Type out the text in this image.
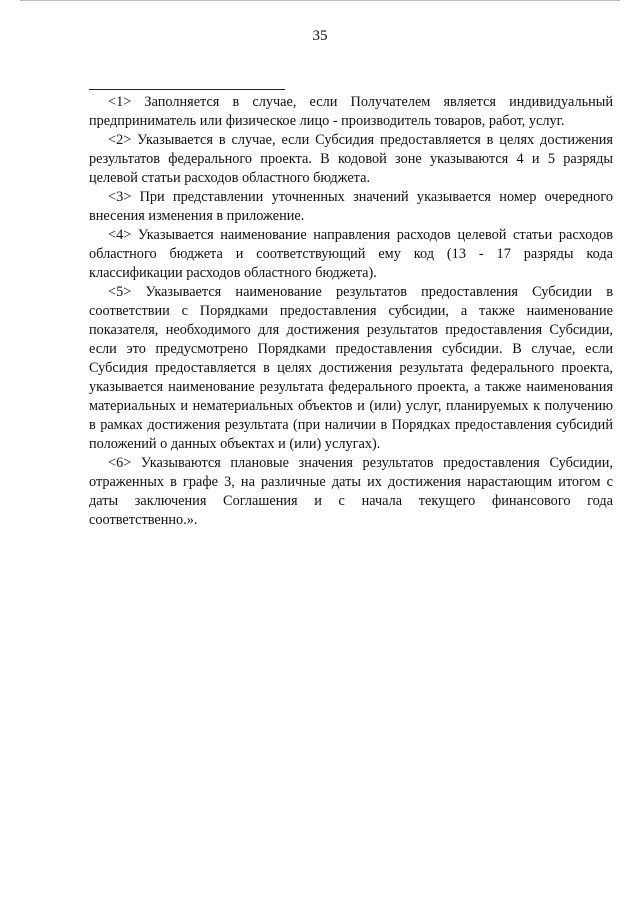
35

<1> Заполняется в случае, если Получателем является индивидуальный предприниматель или физическое лицо - производитель товаров, работ, услуг.

<2> Указывается в случае, если Субсидия предоставляется в целях достижения результатов федерального проекта. В кодовой зоне указываются 4 и 5 разряды целевой статьи расходов областного бюджета.

<3> При представлении уточненных значений указывается номер очередного внесения изменения в приложение.

<4> Указывается наименование направления расходов целевой статьи расходов областного бюджета и соответствующий ему код (13 - 17 разряды кода классификации расходов областного бюджета).

<5> Указывается наименование результатов предоставления Субсидии в соответствии с Порядками предоставления субсидии, а также наименование показателя, необходимого для достижения результатов предоставления Субсидии, если это предусмотрено Порядками предоставления субсидии. В случае, если Субсидия предоставляется в целях достижения результата федерального проекта, указывается наименование результата федерального проекта, а также наименования материальных и нематериальных объектов и (или) услуг, планируемых к получению в рамках достижения результата (при наличии в Порядках предоставления субсидий положений о данных объектах и (или) услугах).

<6> Указываются плановые значения результатов предоставления Субсидии, отраженных в графе 3, на различные даты их достижения нарастающим итогом с даты заключения Соглашения и с начала текущего финансового года соответственно.».
